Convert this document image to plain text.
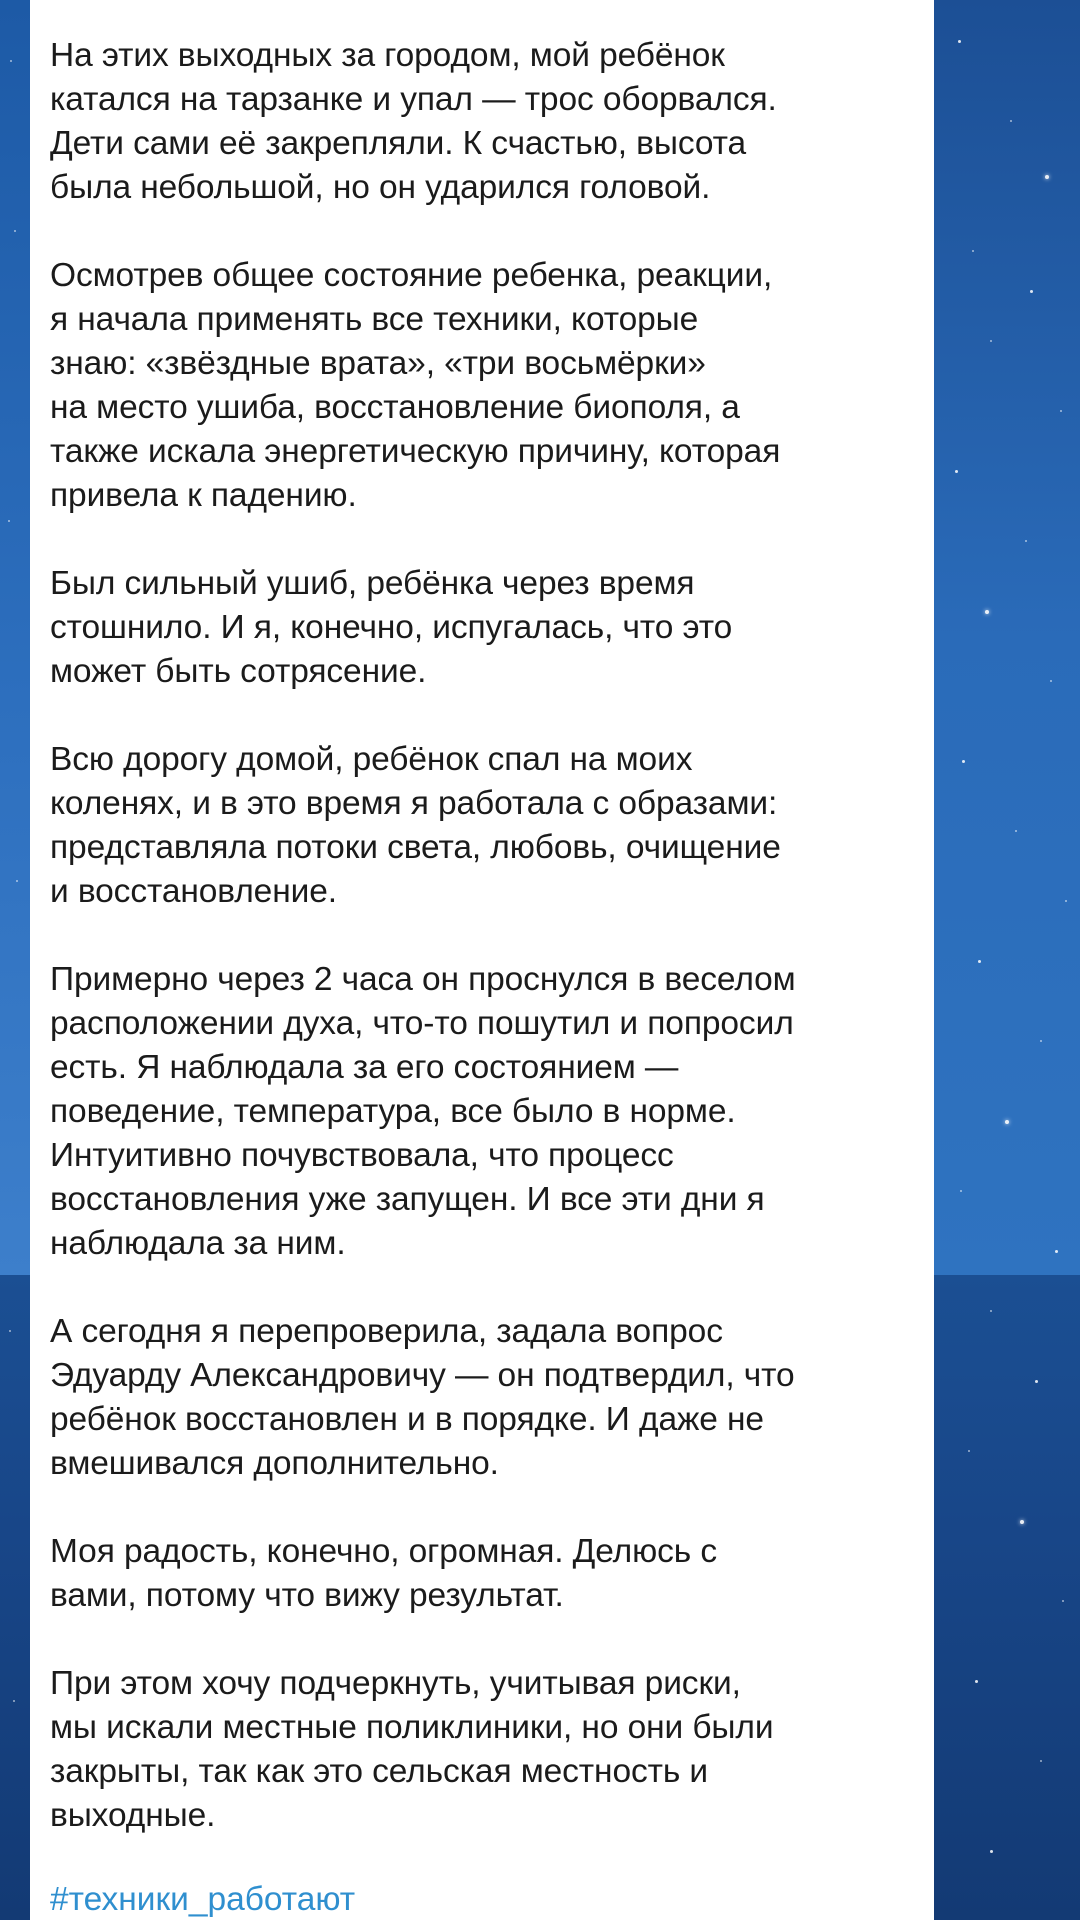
На этих выходных за городом, мой ребёнок
катался на тарзанке и упал — трос оборвался.
Дети сами её закрепляли. К счастью, высота
была небольшой, но он ударился головой.

Осмотрев общее состояние ребенка, реакции,
я начала применять все техники, которые
знаю: «звёздные врата», «три восьмёрки»
на место ушиба, восстановление биополя, а
также искала энергетическую причину, которая
привела к падению.

Был сильный ушиб, ребёнка через время
стошнило. И я, конечно, испугалась, что это
может быть сотрясение.

Всю дорогу домой, ребёнок спал на моих
коленях, и в это время я работала с образами:
представляла потоки света, любовь, очищение
и восстановление.

Примерно через 2 часа он проснулся в веселом
расположении духа, что-то пошутил и попросил
есть. Я наблюдала за его состоянием —
поведение, температура, все было в норме.
Интуитивно почувствовала, что процесс
восстановления уже запущен. И все эти дни я
наблюдала за ним.

А сегодня я перепроверила, задала вопрос
Эдуарду Александровичу — он подтвердил, что
ребёнок восстановлен и в порядке. И даже не
вмешивался дополнительно.

Моя радость, конечно, огромная. Делюсь с
вами, потому что вижу результат.

При этом хочу подчеркнуть, учитывая риски,
мы искали местные поликлиники, но они были
закрыты, так как это сельская местность и
выходные.

#техники_работают
